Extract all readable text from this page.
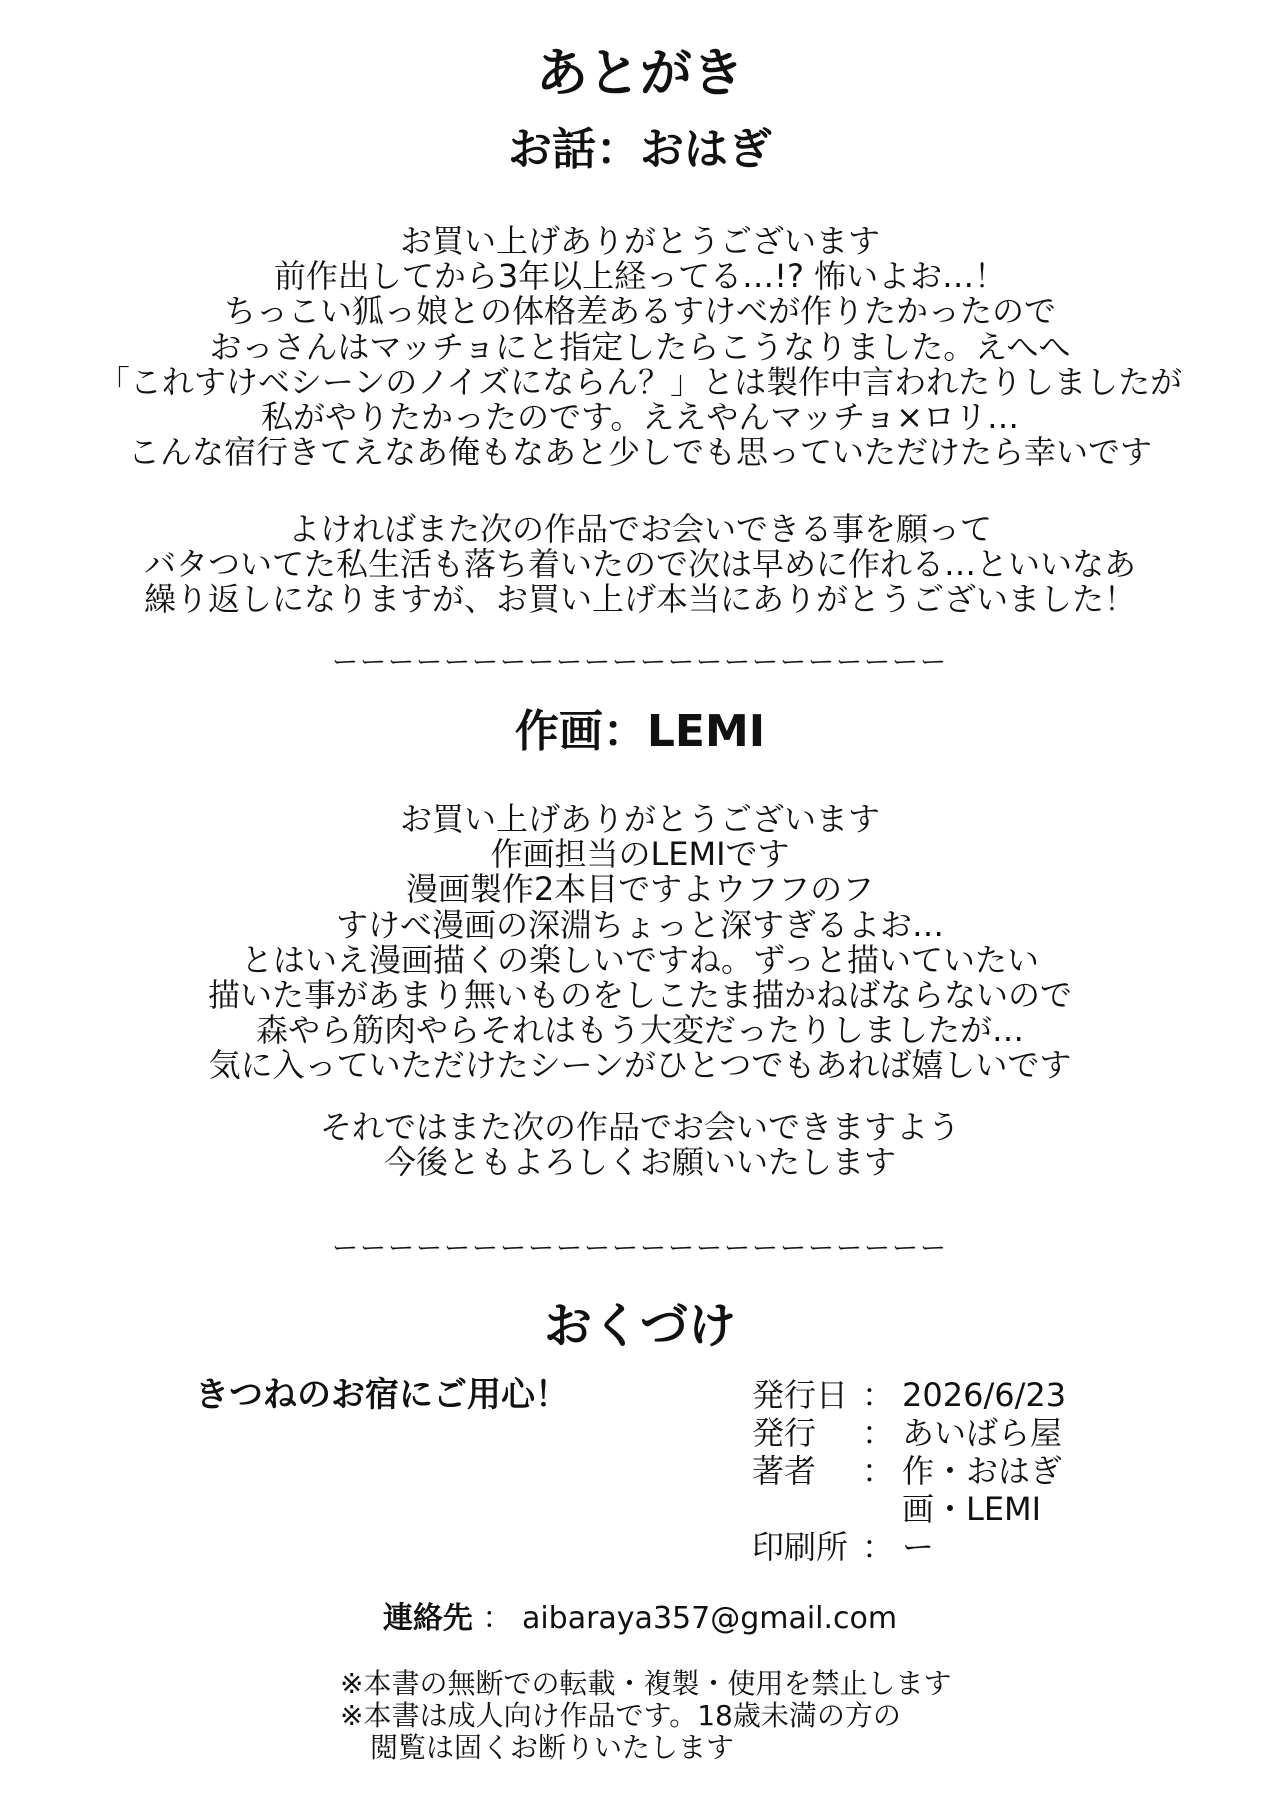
あとがき
お話：おはぎ
お買い上げありがとうございます
前作出してから3年以上経ってる…!? 怖いよお…！
ちっこい狐っ娘との体格差あるすけべが作りたかったので
おっさんはマッチョにと指定したらこうなりました。えへへ
「これすけベシーンのノイズにならん？」とは製作中言われたりしましたが
私がやりたかったのです。ええやんマッチョ×ロリ…
こんな宿行きてえなあ俺もなあと少しでも思っていただけたら幸いです
よければまた次の作品でお会いできる事を願って
バタついてた私生活も落ち着いたので次は早めに作れる…といいなあ
繰り返しになりますが、お買い上げ本当にありがとうございました！
ーーーーーーーーーーーーーーーーーーーーーー
作画：LEMI
お買い上げありがとうございます
作画担当のLEMIです
漫画製作2本目ですよウフフのフ
すけべ漫画の深淵ちょっと深すぎるよお…
とはいえ漫画描くの楽しいですね。ずっと描いていたい
描いた事があまり無いものをしこたま描かねばならないので
森やら筋肉やらそれはもう大変だったりしましたが…
気に入っていただけたシーンがひとつでもあれば嬉しいです
それではまた次の作品でお会いできますよう
今後ともよろしくお願いいたします
ーーーーーーーーーーーーーーーーーーーーーー
おくづけ
きつねのお宿にご用心！	発行日	：	2026/6/23
発行	：	あいばら屋
著者	：	作・おはぎ
		画・LEMI
印刷所	：	ー
連絡先 ： aibaraya357@gmail.com
※本書の無断での転載・複製・使用を禁止します
※本書は成人向け作品です。18歳未満の方の
閲覧は固くお断りいたします
